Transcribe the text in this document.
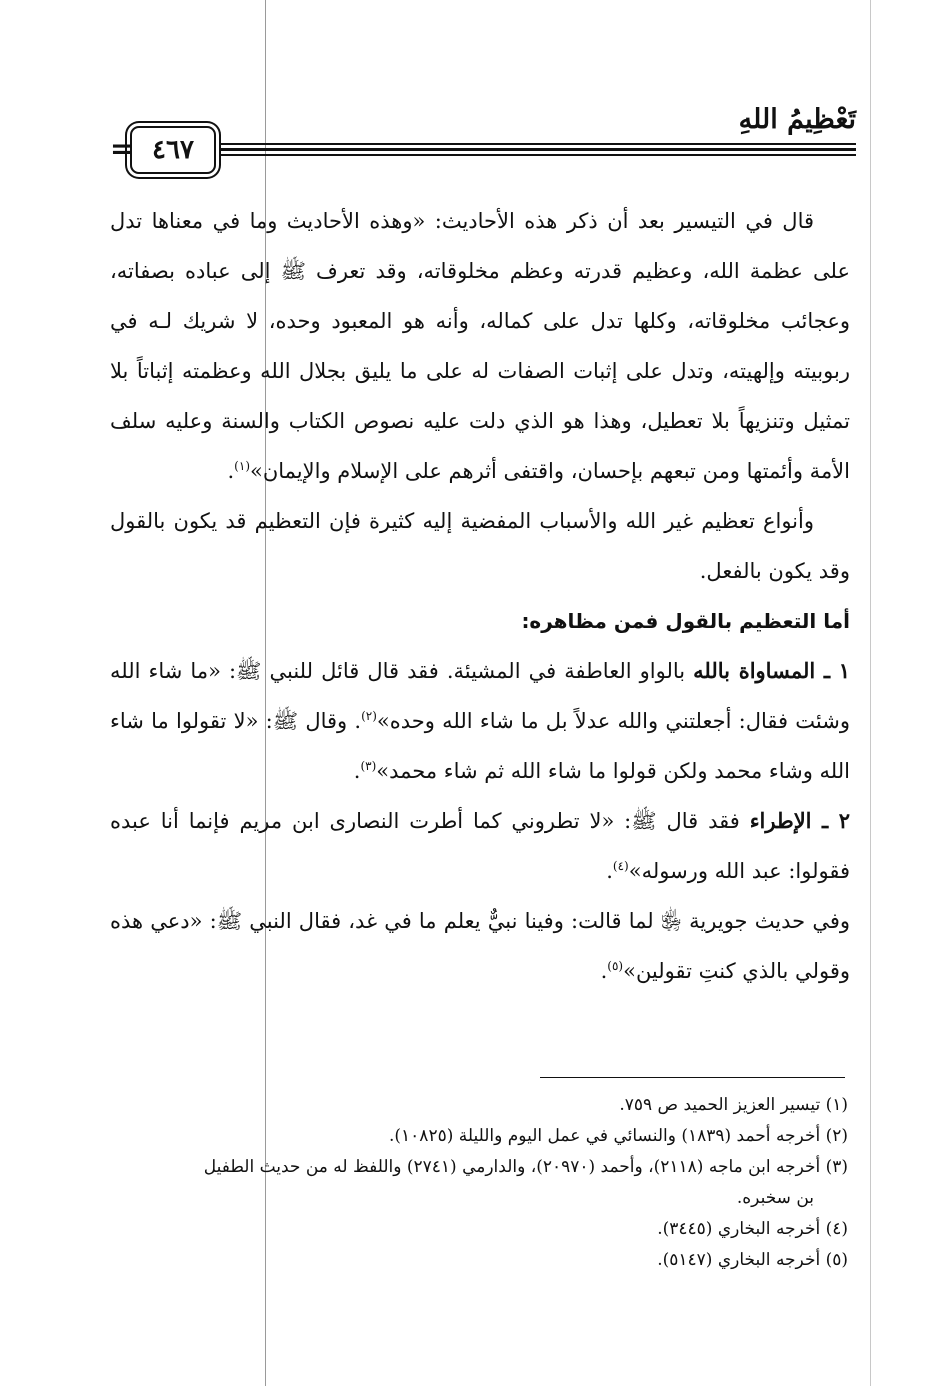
تَعْظِيمُ اللهِ
٤٦٧
=

قال في التيسير بعد أن ذكر هذه الأحاديث: «وهذه الأحاديث وما في معناها تدل على عظمة الله، وعظيم قدرته وعظم مخلوقاته، وقد تعرف ﷺ إلى عباده بصفاته، وعجائب مخلوقاته، وكلها تدل على كماله، وأنه هو المعبود وحده، لا شريك لـه في ربوبيته وإلهيته، وتدل على إثبات الصفات له على ما يليق بجلال الله وعظمته إثباتاً بلا تمثيل وتنزيهاً بلا تعطيل، وهذا هو الذي دلت عليه نصوص الكتاب والسنة وعليه سلف الأمة وأئمتها ومن تبعهم بإحسان، واقتفى أثرهم على الإسلام والإيمان»$^{(١)}$.

وأنواع تعظيم غير الله والأسباب المفضية إليه كثيرة فإن التعظيم قد يكون بالقول وقد يكون بالفعل.

أما التعظيم بالقول فمن مظاهره:

١ ـ المساواة بالله بالواو العاطفة في المشيئة. فقد قال قائل للنبي ﷺ: «ما شاء الله وشئت فقال: أجعلتني والله عدلاً بل ما شاء الله وحده»$^{(٢)}$. وقال ﷺ: «لا تقولوا ما شاء الله وشاء محمد ولكن قولوا ما شاء الله ثم شاء محمد»$^{(٣)}$.

٢ ـ الإطراء فقد قال ﷺ: «لا تطروني كما أطرت النصارى ابن مريم فإنما أنا عبده فقولوا: عبد الله ورسوله»$^{(٤)}$.

وفي حديث جويرية ﵂ لما قالت: وفينا نبيٌّ يعلم ما في غد، فقال النبي ﷺ: «دعي هذه وقولي بالذي كنتِ تقولين»$^{(٥)}$.

(١) تيسير العزيز الحميد ص ٧٥٩.
(٢) أخرجه أحمد (١٨٣٩) والنسائي في عمل اليوم والليلة (١٠٨٢٥).
(٣) أخرجه ابن ماجه (٢١١٨)، وأحمد (٢٠٩٧٠)، والدارمي (٢٧٤١) واللفظ له من حديث الطفيل
بن سخبره.
(٤) أخرجه البخاري (٣٤٤٥).
(٥) أخرجه البخاري (٥١٤٧).
